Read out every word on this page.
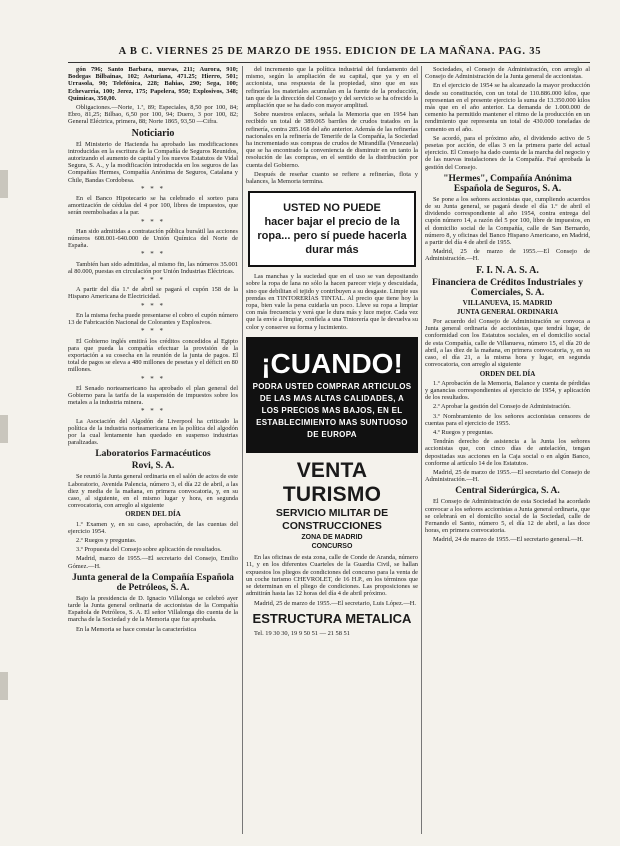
A B C. VIERNES 25 DE MARZO DE 1955. EDICION DE LA MAÑANA. PAG. 35

gón 796; Santo Barbara, nuevas, 211; Aurora, 910; Bodegas Bilbainas, 102; Asturiana, 471.25; Hierro, 501; Urrasola, 90; Telefónica, 228; Bahias, 290; Sega, 100; Echevarría, 100; Jerez, 175; Papelera, 950; Explosivos, 348; Químicas, 350,00.

Obligaciones.—Norte, 1.ª, 89; Especiales, 8,50 por 100, 84; Ebro, 81,25; Bilbao, 6,50 por 100, 94; Duero, 3 por 100, 82; General Eléctrica, primera, 88; Norte 1865, 93,50 —Cifra.

Noticiario

El Ministerio de Hacienda ha aprobado las modificaciones introducidas en la escritura de la Compañía de Seguros Reunidos, autorizando el aumento de capital y los nuevos Estatutos de Vidal Segura, S. A., y la modificación introducida en los seguros de las Compañías Hermes, Compañía Anónima de Seguros, Catalana y Chile, Bandas Cordobesa.

* * *

En el Banco Hipotecario se ha celebrado el sorteo para amortización de cédulas del 4 por 100, libres de impuestos, que serán reembolsadas a la par.

* * *

Han sido admitidas a contratación pública bursátil las acciones números 608.001-640.000 de Unión Química del Norte de España.

* * *

También han sido admitidas, al mismo fin, las números 35.001 al 80.000, puestas en circulación por Unión Industrias Eléctricas.

* * *

A partir del día 1.º de abril se pagará el cupón 158 de la Hispano Americana de Electricidad.

* * *

En la misma fecha puede presentarse el cobro el cupón número 13 de Fabricación Nacional de Colorantes y Explosivos.

* * *

El Gobierno inglés emitirá los créditos concedidos al Egipto para que pueda la compañía efectuar la provisión de la exportación a su cosecha en la reunión de la junta de pagos. El total de pagos se eleva a 480 millones de pesetas y el déficit en 80 millones.

* * *

El Senado norteamericano ha aprobado el plan general del Gobierno para la tarifa de la suspensión de impuestos sobre los metales a la industria minera.

* * *

La Asociación del Algodón de Liverpool ha criticado la política de la industria norteamericana en la política del algodón por la cual lentamente han quedado en suspenso industrias paralizadas.

Laboratorios Farmacéuticos
Rovi, S. A.

Se reunió la Junta general ordinaria en el salón de actos de este Laboratorio, Avenida Palencia, número 3, el día 22 de abril, a las diez y media de la mañana, en primera convocatoria, y, en su caso, al siguiente, en el mismo lugar y hora, en segunda convocatoria, con arreglo al siguiente

ORDEN DEL DÍA

1.º Examen y, en su caso, aprobación, de las cuentas del ejercicio 1954.

2.º Ruegos y preguntas.

3.º Propuesta del Consejo sobre aplicación de resultados.

Madrid, marzo de 1955.—El secretario del Consejo, Emilio Gómez.—H.

Junta general de la Compañía Española de Petróleos, S. A.

Bajo la presidencia de D. Ignacio Villalonga se celebró ayer tarde la Junta general ordinaria de accionistas de la Compañía Española de Petróleos, S. A. El señor Villalonga dio cuenta de la marcha de la Sociedad y de la Memoria que fue aprobada.

En la Memoria se hace constar la característica

del incremento que la política industrial del fundamento del mismo, según la ampliación de su capital, que ya y en el accionista, una respuesta de la propiedad, sino que en sus refinerías los materiales acumulan en la fuente de la producción, tan que de la dirección del Consejo y del servicio se ha ofrecido la ampliación que se ha dado con mayor amplitud.

Sobre nuestros enlaces, señala la Memoria que en 1954 han recibido un total de 389.065 barriles de crudos tratados en la refinería, contra 285.168 del año anterior. Además de las refinerías nacionales en la refinería de Tenerife de la Compañía, la Sociedad ha incrementado sus compras de crudos de Mirandilla (Venezuela) que se ha encontrado la conveniencia de disminuir en un tanto la resolución de las compras, en el sentido de la distribución por cuenta del Gobierno.

Después de reseñar cuanto se refiere a refinerías, flota y balances, la Memoria termina.

USTED NO PUEDE
hacer bajar el precio de la ropa... pero sí puede hacerla durar más

Las manchas y la suciedad que en el uso se van depositando sobre la ropa de lana no sólo la hacen parecer vieja y descuidada, sino que debilitan el tejido y contribuyen a su desgaste. Limpie sus prendas en TINTORERÍAS TINTAL. Al precio que tiene hoy la ropa, bien vale la pena cuidarla un poco. Lleve su ropa a limpiar con más frecuencia y verá que le dura más y luce mejor. Cada vez que la envíe a limpiar, confíela a una Tintorería que le devuelva su color y conserve su forma y lucimiento.

¡CUANDO!
PODRA USTED COMPRAR ARTICULOS DE LAS MAS ALTAS CALIDADES, A LOS PRECIOS MAS BAJOS, EN EL ESTABLECIMIENTO MAS SUNTUOSO DE EUROPA
VENTA TURISMO
SERVICIO MILITAR DE CONSTRUCCIONES
ZONA DE MADRID
CONCURSO

En las oficinas de esta zona, calle de Conde de Aranda, número 11, y en los diferentes Cuarteles de la Guardia Civil, se hallan expuestos los pliegos de condiciones del concurso para la venta de un coche turismo CHEVROLET, de 16 H.P., en los términos que se determinan en el pliego de condiciones. Las proposiciones se admitirán hasta las 12 horas del día 4 de abril próximo.

Madrid, 25 de marzo de 1955.—El secretario, Luis López.—H.

ESTRUCTURA METALICA

Tel. 19 30 30, 19 9 50 51 — 21 58 51

Sociedades, el Consejo de Administración, con arreglo al Consejo de Administración de la Junta general de accionistas.

En el ejercicio de 1954 se ha alcanzado la mayor producción desde su constitución, con un total de 110.886.000 kilos, que representan en el presente ejercicio la suma de 13.350.000 kilos más que en el año anterior. La demanda de 1.000.000 de cemento ha permitido mantener el ritmo de la producción en un rendimiento que representa un total de 430.000 toneladas de cemento en el año.

Se acordó, para el próximo año, el dividendo activo de 5 pesetas por acción, de ellas 3 en la primera parte del actual ejercicio. El Consejo ha dado cuenta de la marcha del negocio y de las nuevas instalaciones de la Compañía. Fué aprobada la gestión del Consejo.

"Hermes", Compañía Anónima Española de Seguros, S. A.

Se pone a los señores accionistas que, cumpliendo acuerdos de su Junta general, se pagará desde el día 1.º de abril el dividendo correspondiente al año 1954, contra entrega del cupón número 14, a razón del 5 por 100, libre de impuestos, en el domicilio social de la Compañía, calle de San Bernardo, número 8, y oficinas del Banco Hispano Americano, en Madrid, a partir del día 4 de abril de 1955.

Madrid, 25 de marzo de 1955.—El Consejo de Administración.—H.

F. I. N. A. S. A.
Financiera de Créditos Industriales y Comerciales, S. A.
VILLANUEVA, 15. MADRID
JUNTA GENERAL ORDINARIA

Por acuerdo del Consejo de Administración se convoca a Junta general ordinaria de accionistas, que tendrá lugar, de conformidad con los Estatutos sociales, en el domicilio social de esta Compañía, calle de Villanueva, número 15, el día 20 de abril, a las diez de la mañana, en primera convocatoria, y, en su caso, el día 21, a la misma hora y lugar, en segunda convocatoria, con arreglo al siguiente

ORDEN DEL DÍA

1.º Aprobación de la Memoria, Balance y cuenta de pérdidas y ganancias correspondientes al ejercicio de 1954, y aplicación de los resultados.

2.º Aprobar la gestión del Consejo de Administración.

3.º Nombramiento de los señores accionistas censores de cuentas para el ejercicio de 1955.

4.º Ruegos y preguntas.

Tendrán derecho de asistencia a la Junta los señores accionistas que, con cinco días de antelación, tengan depositadas sus acciones en la Caja social o en algún Banco, conforme al artículo 14 de los Estatutos.

Madrid, 25 de marzo de 1955.—El secretario del Consejo de Administración.—H.

Central Siderúrgica, S. A.

El Consejo de Administración de esta Sociedad ha acordado convocar a los señores accionistas a Junta general ordinaria, que se celebrará en el domicilio social de la Sociedad, calle de Fernando el Santo, número 5, el día 12 de abril, a las doce horas, en primera convocatoria.

Madrid, 24 de marzo de 1955.—El secretario general.—H.
